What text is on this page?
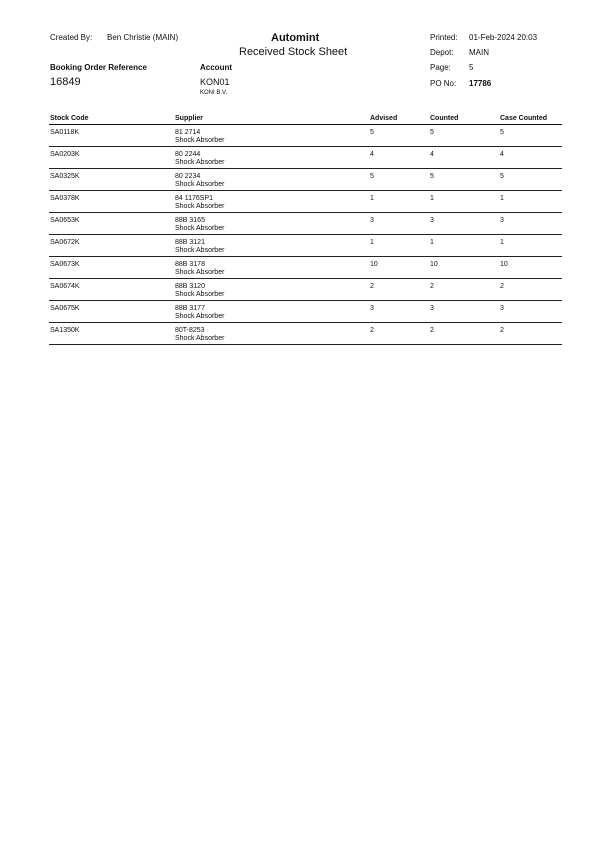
Created By: Ben Christie (MAIN)	Automint
Received Stock Sheet
Printed: 01-Feb-2024 20:03
Depot: MAIN
Page: 5
PO No: 17786
Booking Order Reference
16849
Account
KON01
KONI B.V.
Stock Code	Supplier	Advised	Counted	Case Counted
SA0118K	81 2714
Shock Absorber
5	5	5
SA0203K	80 2244
Shock Absorber
4	4	4
SA0325K	80 2234
Shock Absorber
5	5	5
SA0378K	84 1176SP1
Shock Absorber
1	1	1
SA0653K	88B 3165
Shock Absorber
3	3	3
SA0672K	88B 3121
Shock Absorber
1	1	1
SA0673K	88B 3178
Shock Absorber
10	10	10
SA0674K	88B 3120
Shock Absorber
2	2	2
SA0675K	88B 3177
Shock Absorber
3	3	3
SA1350K	80T-8253
Shock Absorber
2	2	2
